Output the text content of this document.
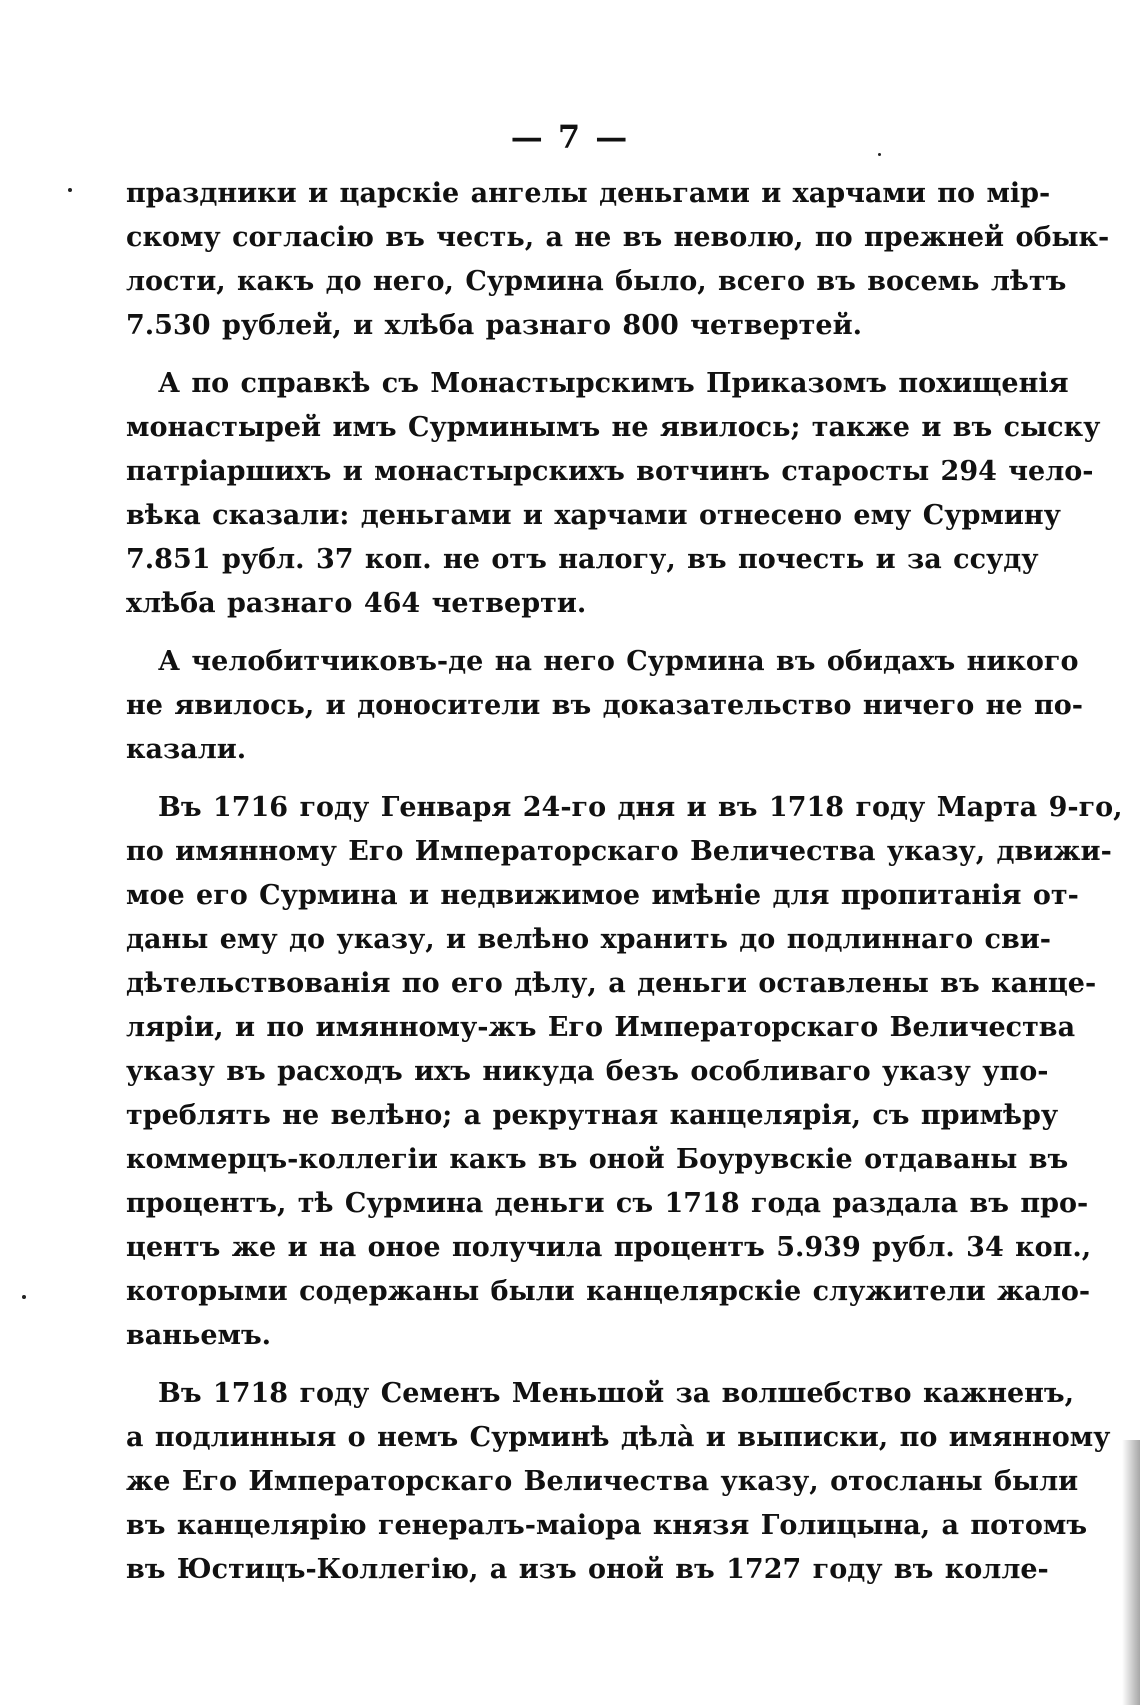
— 7 —
праздники и царскіе ангелы деньгами и харчами по мір-
скому согласію въ честь, а не въ неволю, по прежней обык-
лости, какъ до него, Сурмина было, всего въ восемь лѣтъ
7.530 рублей, и хлѣба разнаго 800 четвертей.
А по справкѣ съ Монастырскимъ Приказомъ похищенія
монастырей имъ Сурминымъ не явилось; также и въ сыску
патріаршихъ и монастырскихъ вотчинъ старосты 294 чело-
вѣка сказали: деньгами и харчами отнесено ему Сурмину
7.851 рубл. 37 коп. не отъ налогу, въ почесть и за ссуду
хлѣба разнаго 464 четверти.
А челобитчиковъ-де на него Сурмина въ обидахъ никого
не явилось, и доносители въ доказательство ничего не по-
казали.
Въ 1716 году Генваря 24-го дня и въ 1718 году Марта 9-го,
по имянному Его Императорскаго Величества указу, движи-
мое его Сурмина и недвижимое имѣніе для пропитанія от-
даны ему до указу, и велѣно хранить до подлиннаго сви-
дѣтельствованія по его дѣлу, а деньги оставлены въ канце-
ляріи, и по имянному-жъ Его Императорскаго Величества
указу въ расходъ ихъ никуда безъ особливаго указу упо-
треблять не велѣно; а рекрутная канцелярія, съ примѣру
коммерцъ-коллегіи какъ въ оной Боурувскіе отдаваны въ
процентъ, тѣ Сурмина деньги съ 1718 года раздала въ про-
центъ же и на оное получила процентъ 5.939 рубл. 34 коп.,
которыми содержаны были канцелярскіе служители жало-
ваньемъ.
Въ 1718 году Семенъ Меньшой за волшебство кажненъ,
а подлинныя о немъ Сурминѣ дѣлà и выписки, по имянному
же Его Императорскаго Величества указу, отосланы были
въ канцелярію генералъ-маіора князя Голицына, а потомъ
въ Юстицъ-Коллегію, а изъ оной въ 1727 году въ колле-
